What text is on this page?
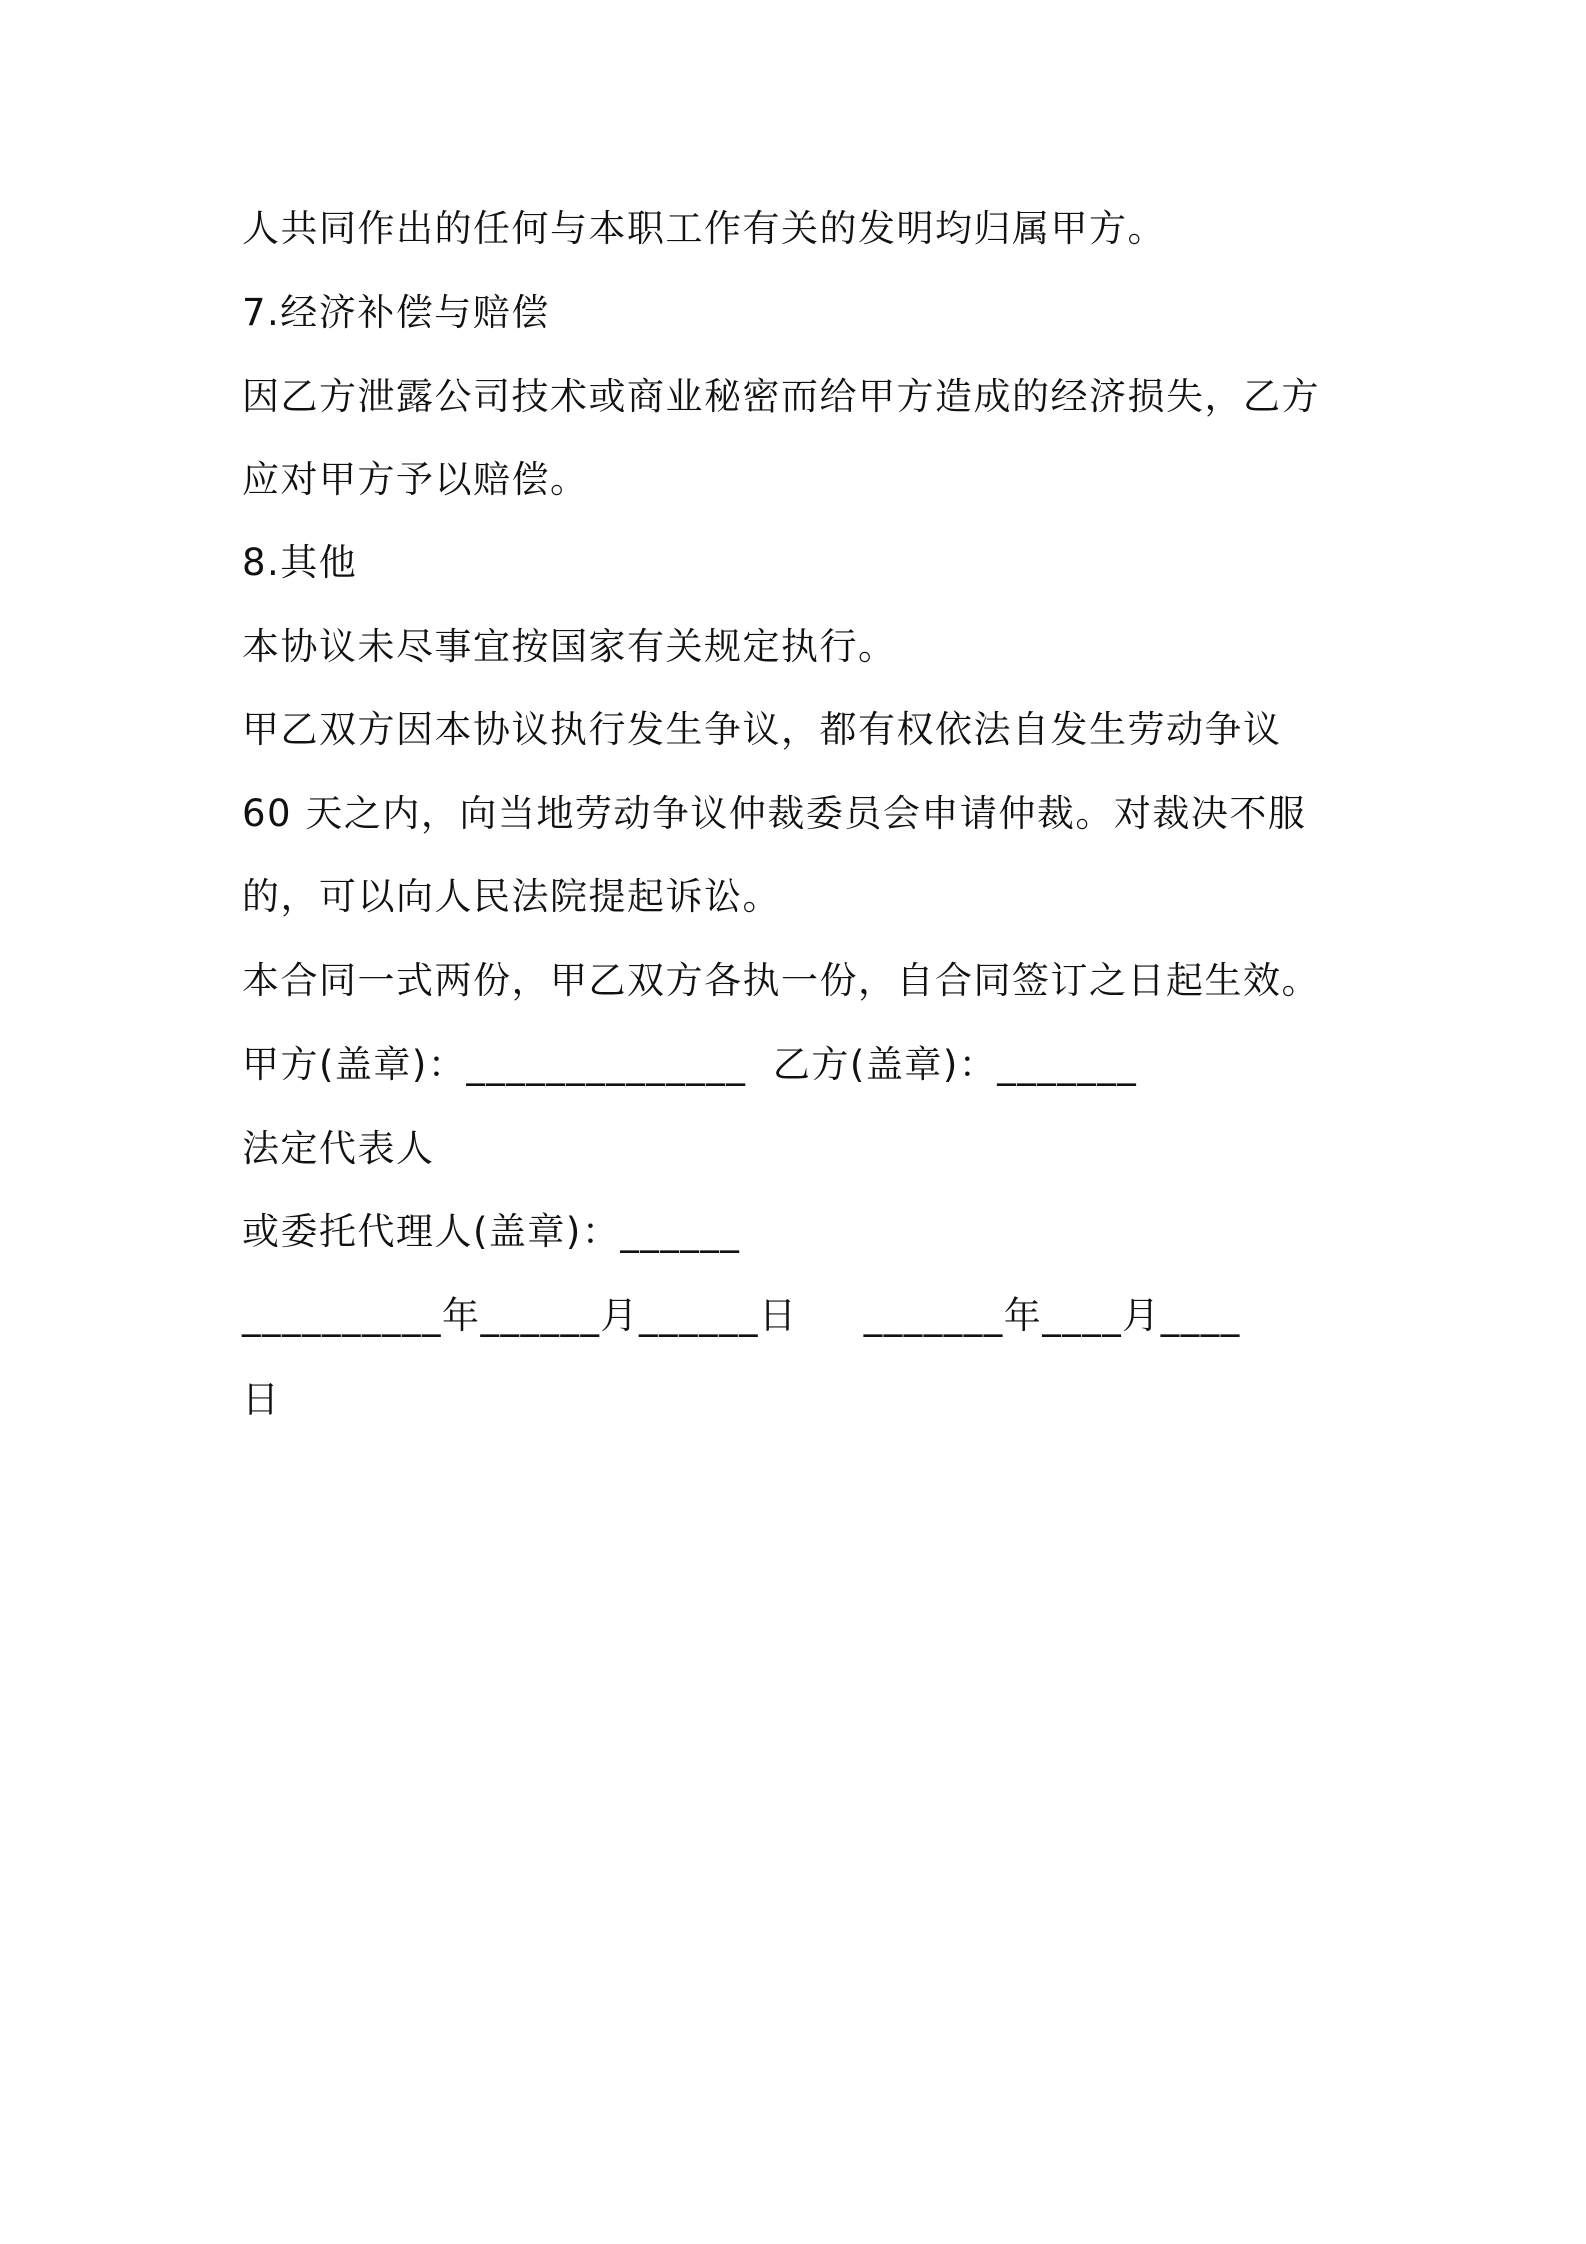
人共同作出的任何与本职工作有关的发明均归属甲方。
7.经济补偿与赔偿
因乙方泄露公司技术或商业秘密而给甲方造成的经济损失，乙方
应对甲方予以赔偿。
8.其他
本协议未尽事宜按国家有关规定执行。
甲乙双方因本协议执行发生争议，都有权依法自发生劳动争议
60 天之内，向当地劳动争议仲裁委员会申请仲裁。对裁决不服
的，可以向人民法院提起诉讼。
本合同一式两份，甲乙双方各执一份，自合同签订之日起生效。
甲方(盖章)：______________  乙方(盖章)：_______
法定代表人
或委托代理人(盖章)：______
__________年______月______日     _______年____月____
日
